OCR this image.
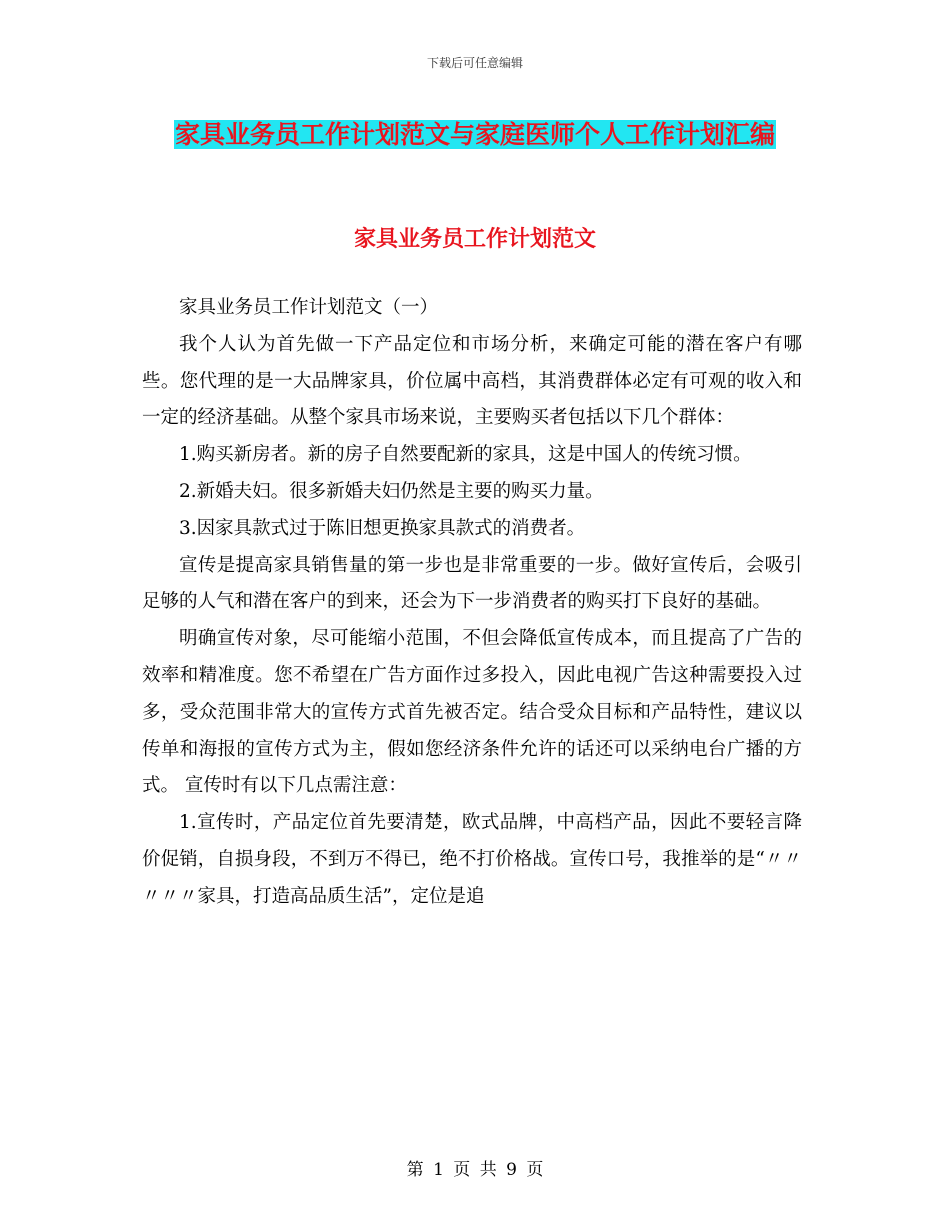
下载后可任意编辑
家具业务员工作计划范文与家庭医师个人工作计划汇编
家具业务员工作计划范文

家具业务员工作计划范文（一）

我个人认为首先做一下产品定位和市场分析，来确定可能的潜在客户有哪些。您代理的是一大品牌家具，价位属中高档，其消费群体必定有可观的收入和一定的经济基础。从整个家具市场来说，主要购买者包括以下几个群体：

1.购买新房者。新的房子自然要配新的家具，这是中国人的传统习惯。

2.新婚夫妇。很多新婚夫妇仍然是主要的购买力量。

3.因家具款式过于陈旧想更换家具款式的消费者。

宣传是提高家具销售量的第一步也是非常重要的一步。做好宣传后，会吸引足够的人气和潜在客户的到来，还会为下一步消费者的购买打下良好的基础。

明确宣传对象，尽可能缩小范围，不但会降低宣传成本，而且提高了广告的效率和精准度。您不希望在广告方面作过多投入，因此电视广告这种需要投入过多，受众范围非常大的宣传方式首先被否定。结合受众目标和产品特性，建议以传单和海报的宣传方式为主，假如您经济条件允许的话还可以采纳电台广播的方式。 宣传时有以下几点需注意：

1.宣传时，产品定位首先要清楚，欧式品牌，中高档产品，因此不要轻言降价促销，自损身段，不到万不得已，绝不打价格战。宣传口号，我推举的是“〃〃〃〃〃家具，打造高品质生活”，定位是追

第 1 页 共 9 页
